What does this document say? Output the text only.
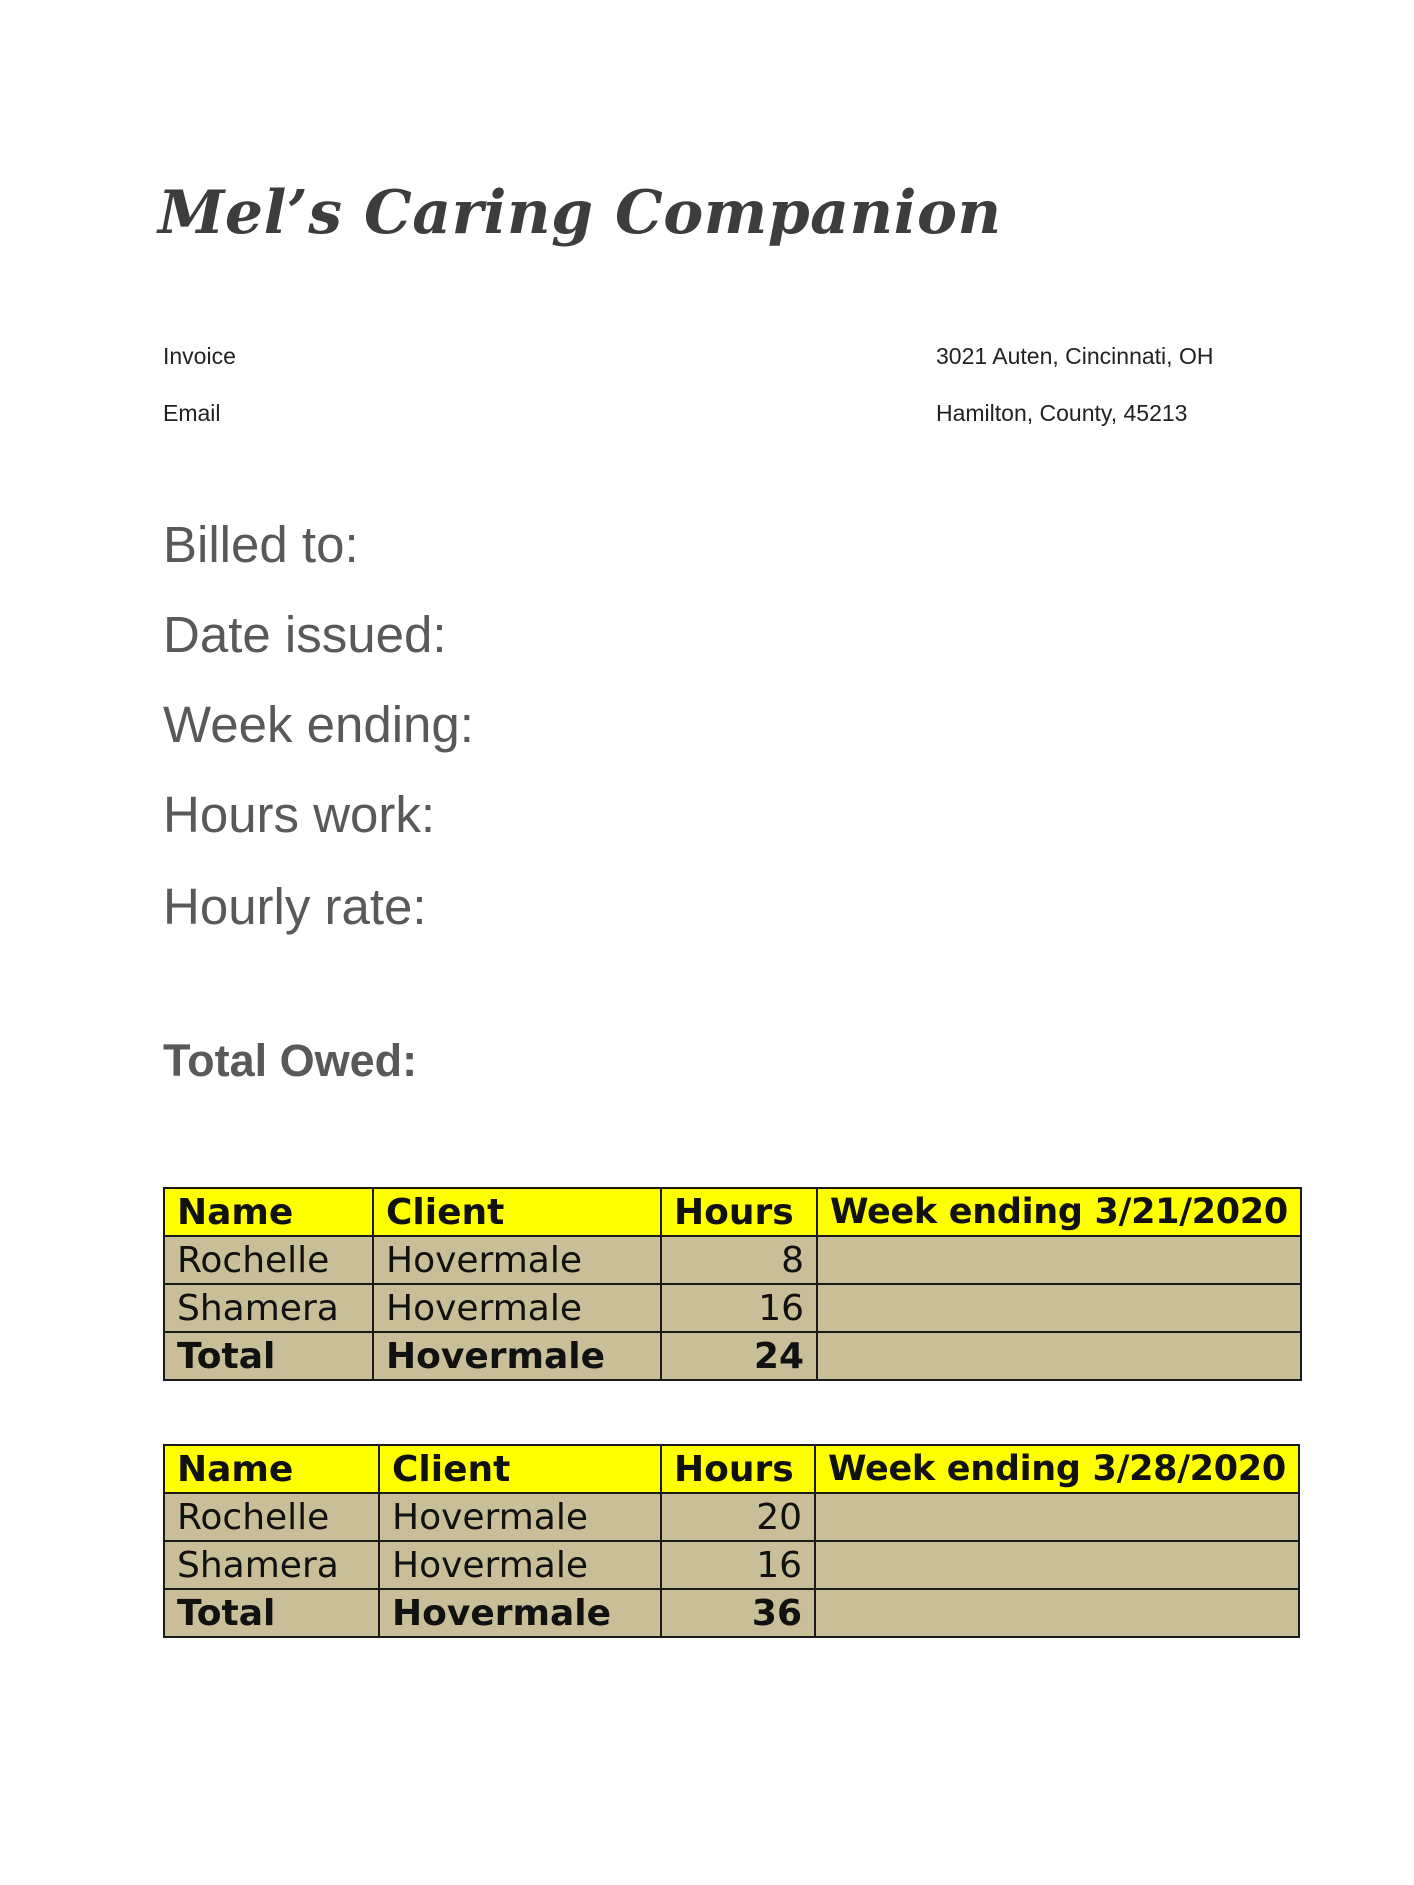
Mel’s Caring Companion
Invoice
Email
3021 Auten, Cincinnati, OH
Hamilton, County, 45213
Billed to:
Date issued:
Week ending:
Hours work:
Hourly rate:
Total Owed:
Name	Client	Hours	Week ending 3/21/2020
Rochelle	Hovermale	8	
Shamera	Hovermale	16	
Total	Hovermale	24	
Name	Client	Hours	Week ending 3/28/2020
Rochelle	Hovermale	20	
Shamera	Hovermale	16	
Total	Hovermale	36	
